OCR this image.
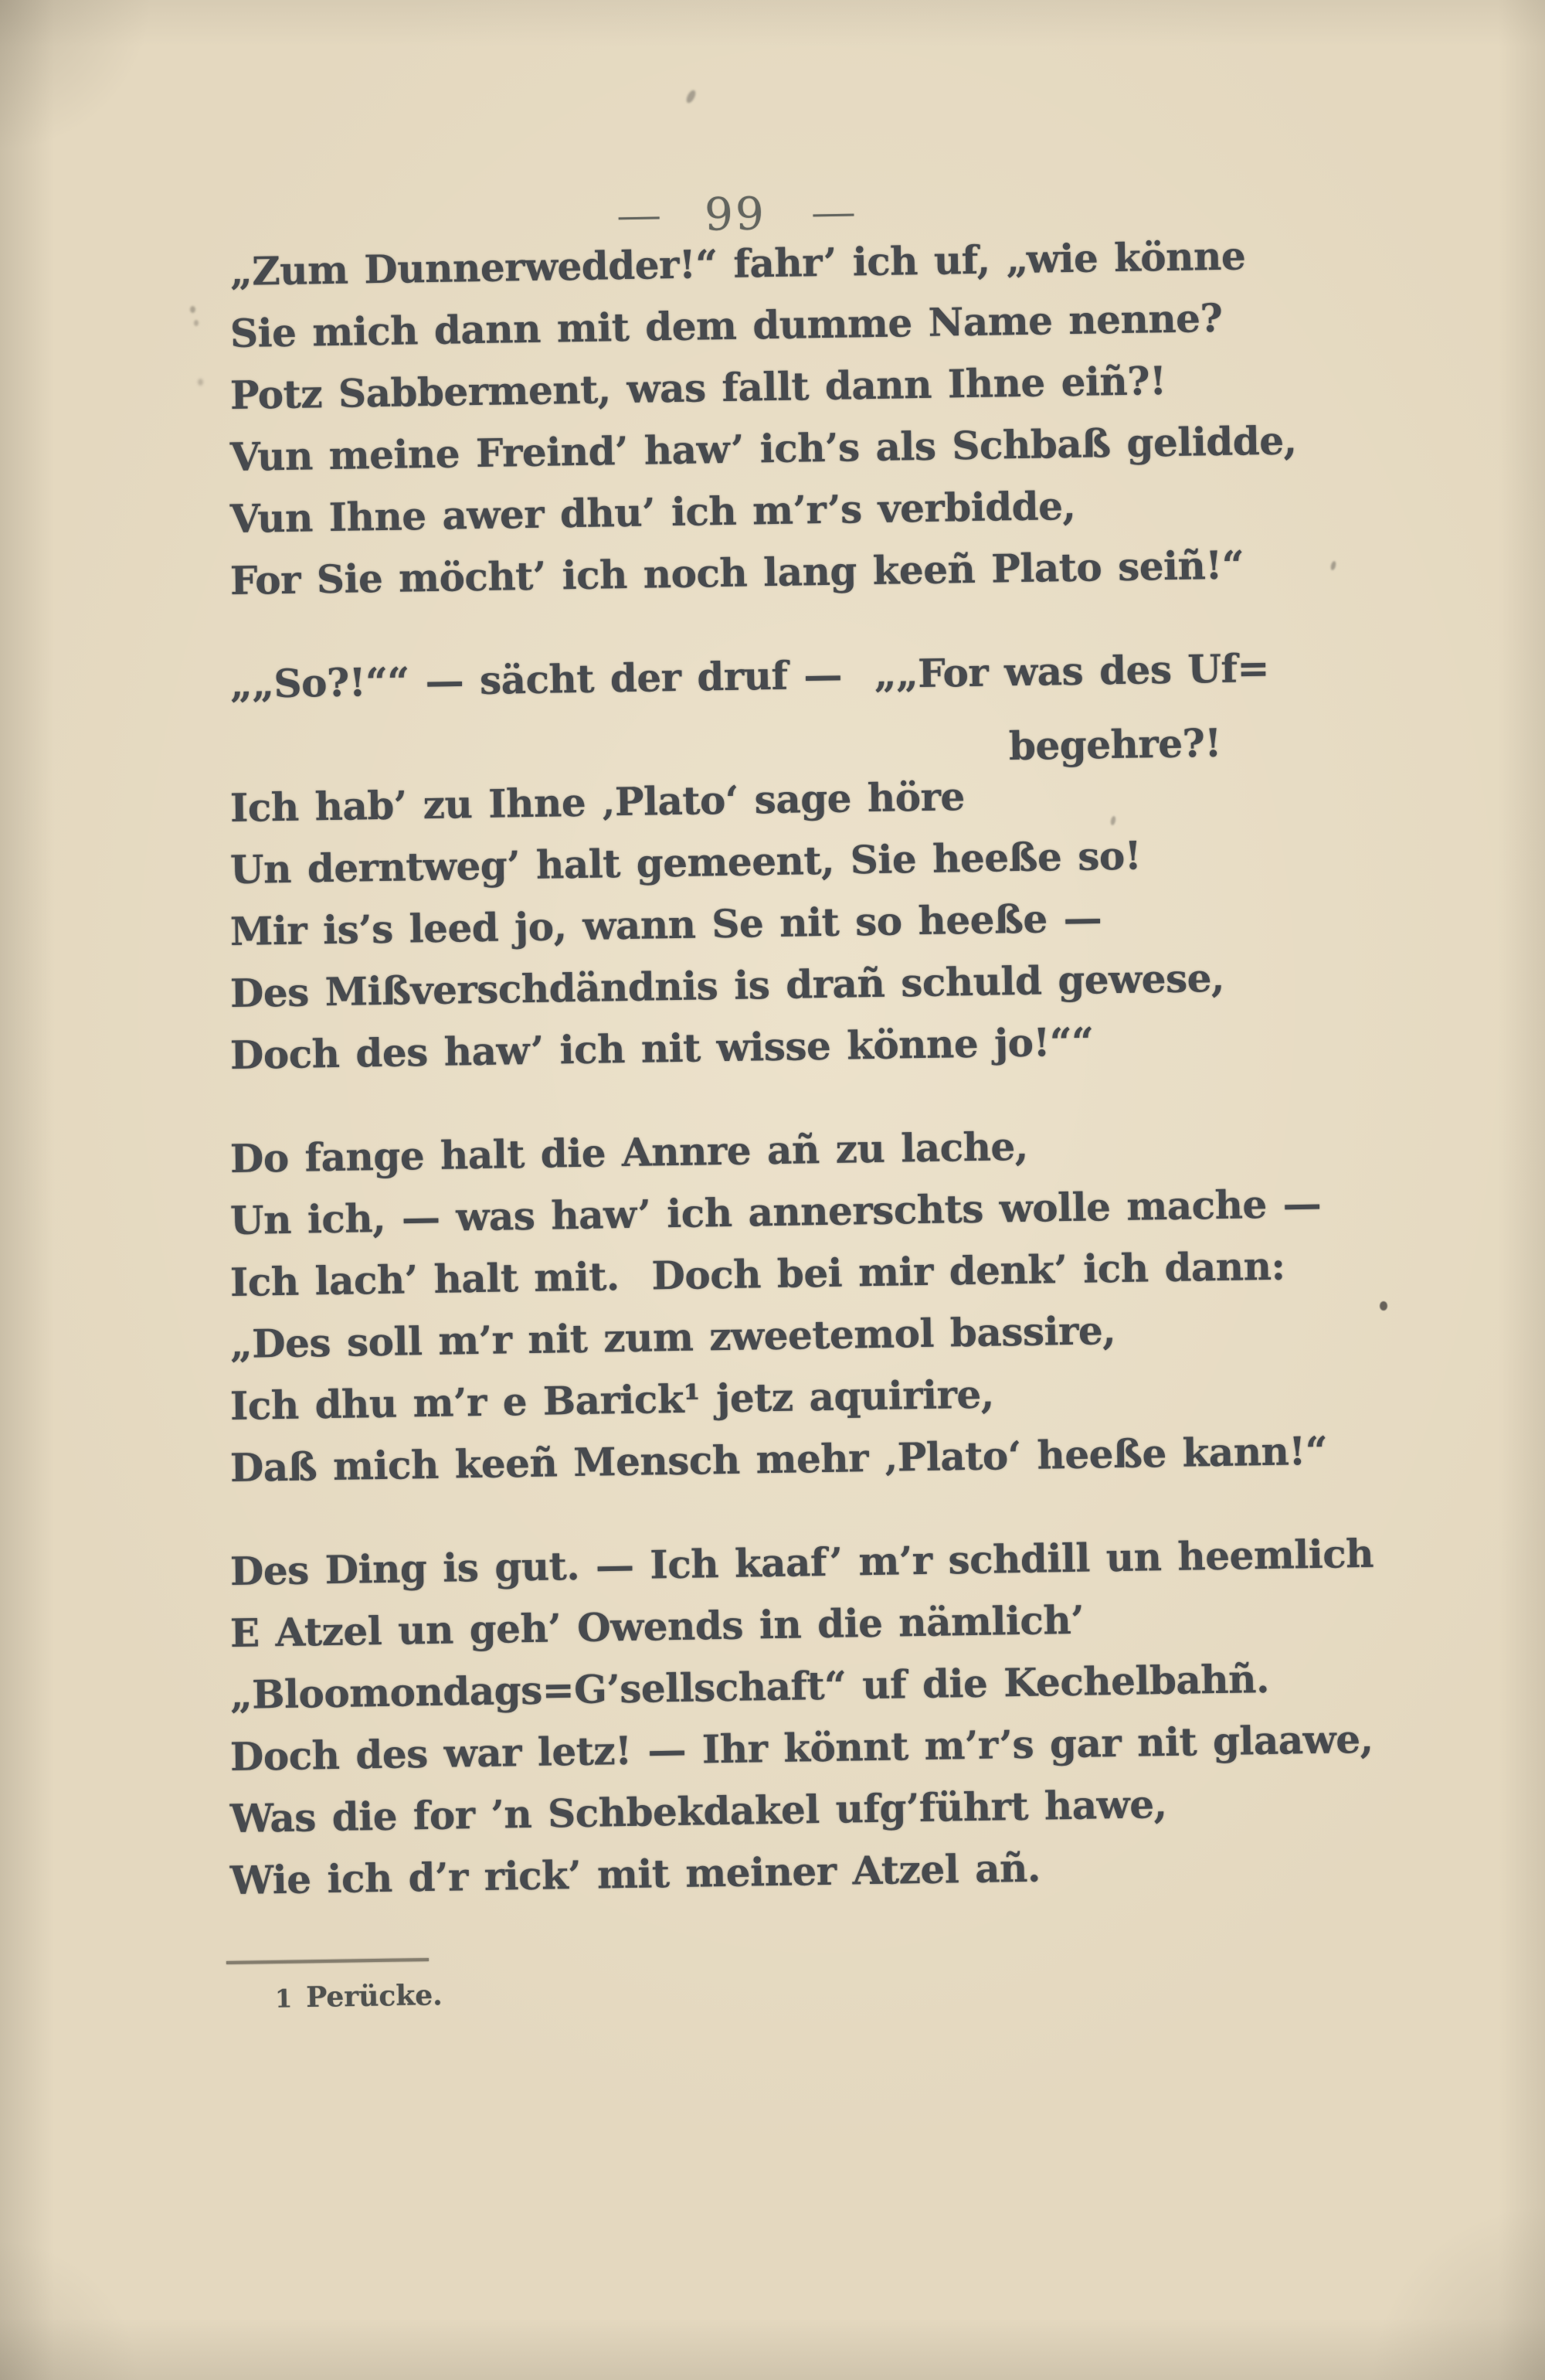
— 99 —

„Zum Dunnerwedder!“ fahr’ ich uf, „wie könne

Sie mich dann mit dem dumme Name nenne?

Potz Sabberment, was fallt dann Ihne eiñ?!

Vun meine Freind’ haw’ ich’s als Schbaß gelidde,

Vun Ihne awer dhu’ ich m’r’s verbidde,

For Sie möcht’ ich noch lang keeñ Plato seiñ!“

„„So?!““ — sächt der druf —  „„For was des Uf=

begehre?!

Ich hab’ zu Ihne ‚Plato‘ sage höre

Un derntweg’ halt gemeent, Sie heeße so!

Mir is’s leed jo, wann Se nit so heeße —

Des Mißverschdändnis is drañ schuld gewese,

Doch des haw’ ich nit wisse könne jo!““

Do fange halt die Annre añ zu lache,

Un ich, — was haw’ ich annerschts wolle mache —

Ich lach’ halt mit.  Doch bei mir denk’ ich dann:

„Des soll m’r nit zum zweetemol bassire,

Ich dhu m’r e Barick¹ jetz aquirire,

Daß mich keeñ Mensch mehr ‚Plato‘ heeße kann!“

Des Ding is gut. — Ich kaaf’ m’r schdill un heemlich

E Atzel un geh’ Owends in die nämlich’

„Bloomondags=G’sellschaft“ uf die Kechelbahñ.

Doch des war letz! — Ihr könnt m’r’s gar nit glaawe,

Was die for ’n Schbekdakel ufg’führt hawe,

Wie ich d’r rick’ mit meiner Atzel añ.

1 Perücke.
